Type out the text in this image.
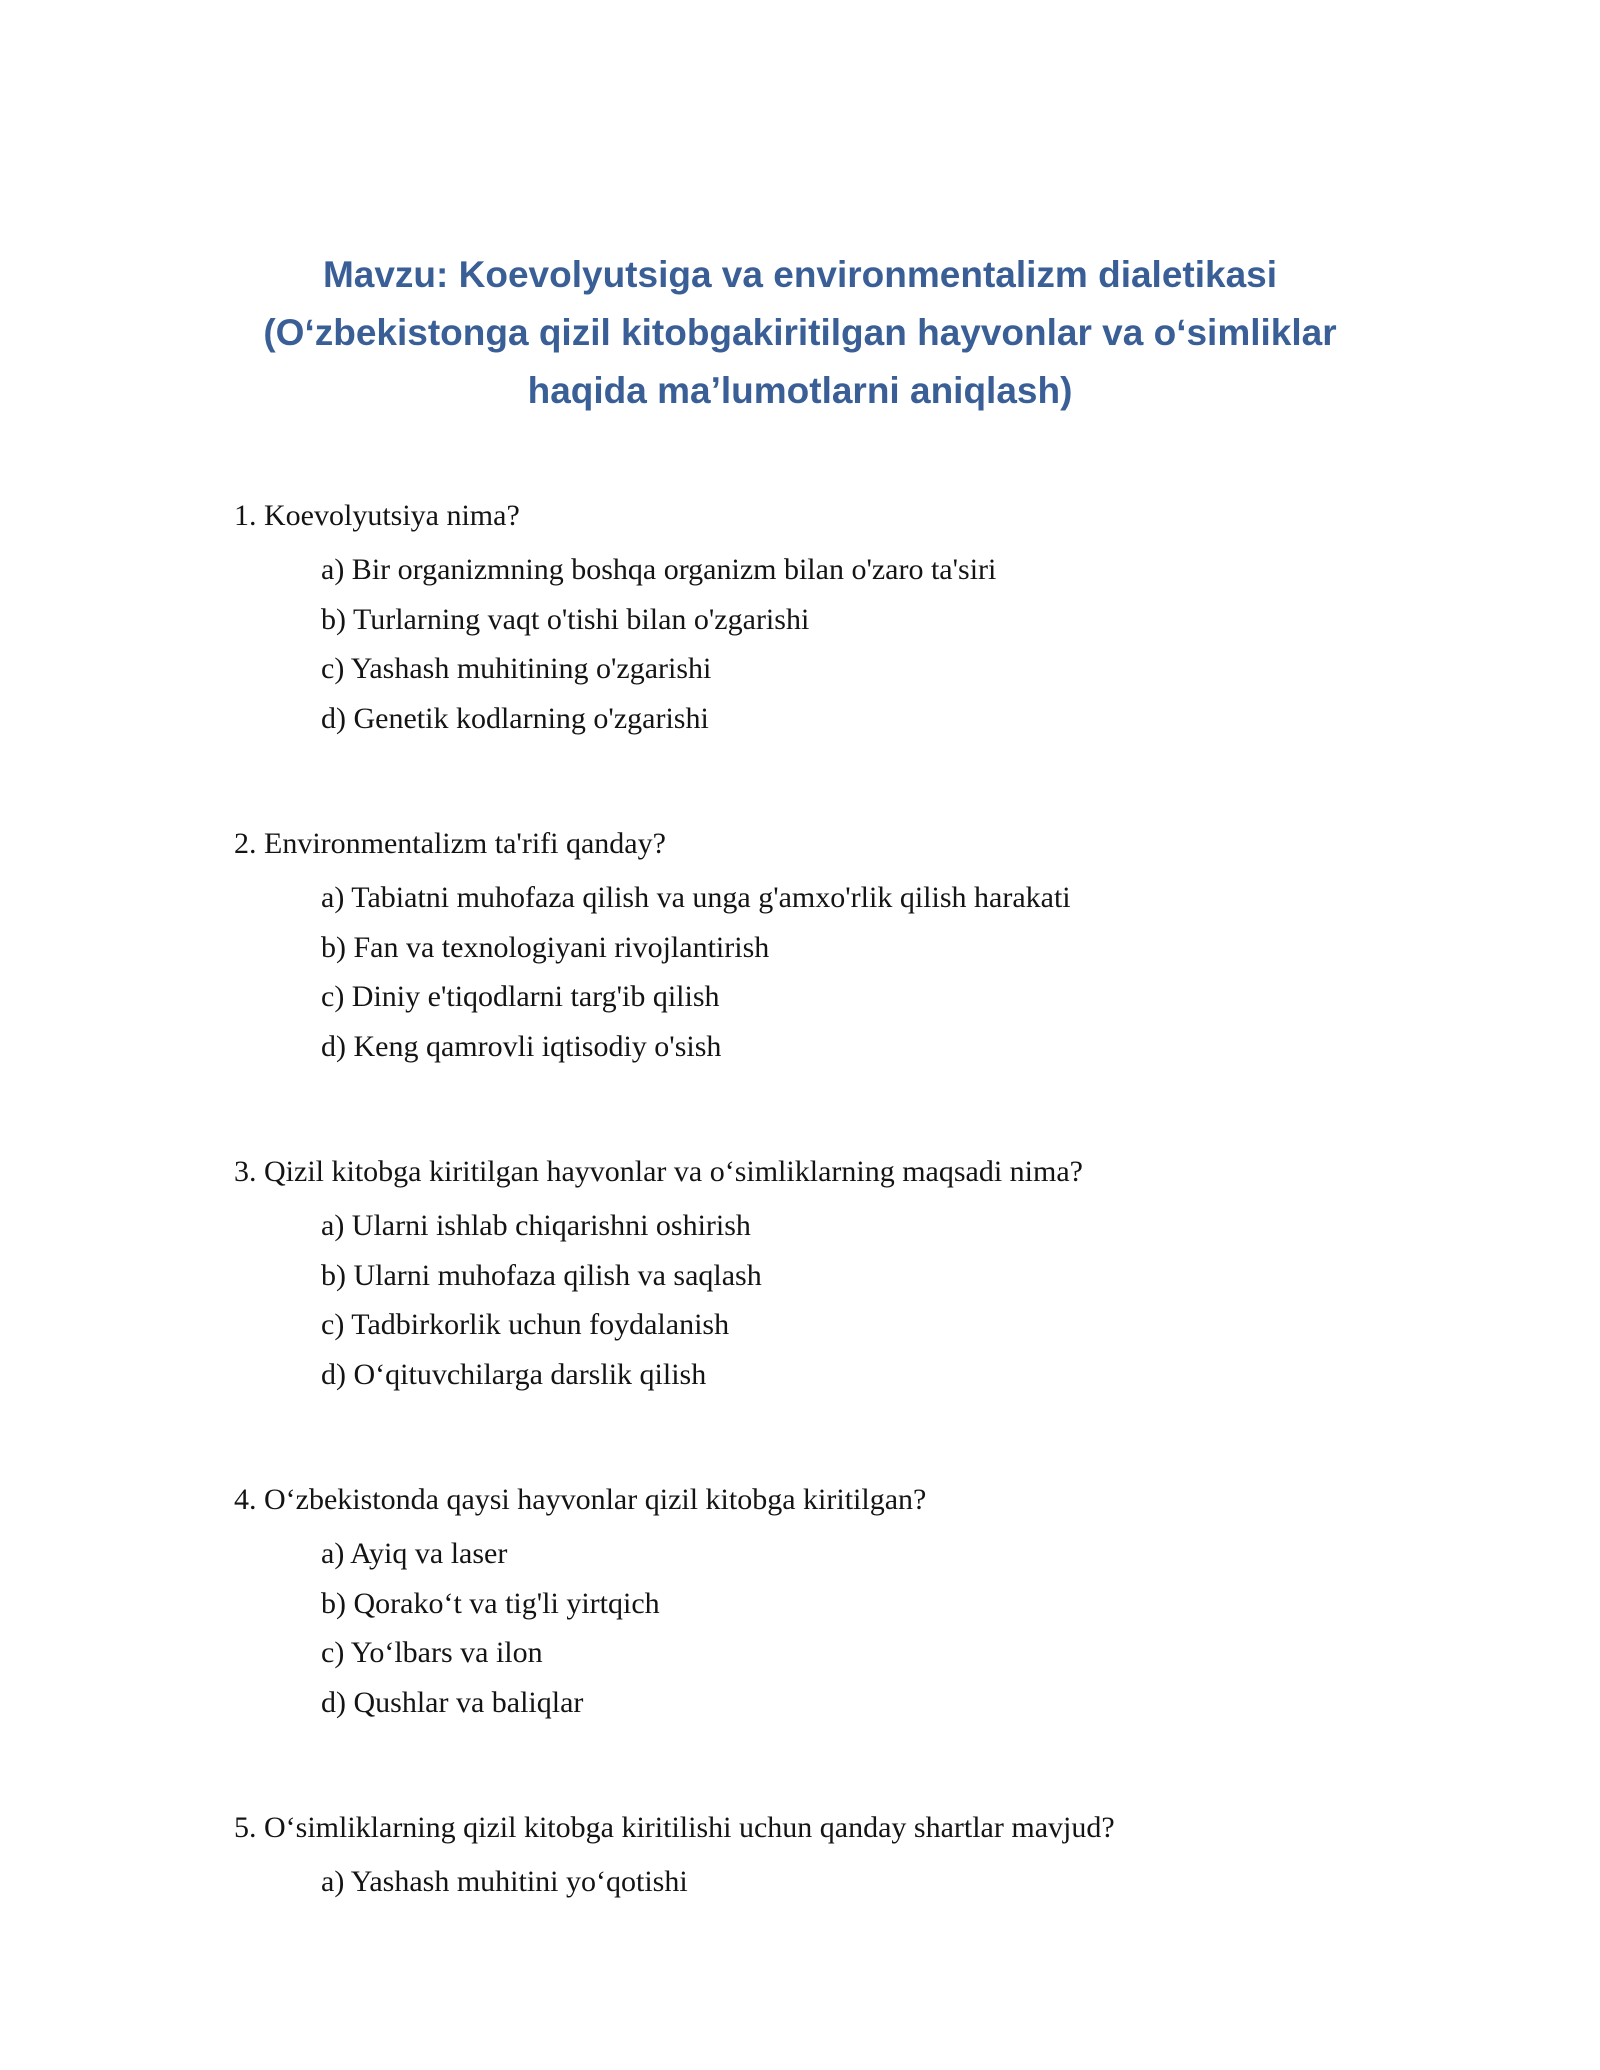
Mavzu: Koevolyutsiga va environmentalizm dialetikasi
(O‘zbekistonga qizil kitobgakiritilgan hayvonlar va o‘simliklar
haqida ma’lumotlarni aniqlash)
1. Koevolyutsiya nima?
a) Bir organizmning boshqa organizm bilan o'zaro ta'siri
b) Turlarning vaqt o'tishi bilan o'zgarishi
c) Yashash muhitining o'zgarishi
d) Genetik kodlarning o'zgarishi
2. Environmentalizm ta'rifi qanday?
a) Tabiatni muhofaza qilish va unga g'amxo'rlik qilish harakati
b) Fan va texnologiyani rivojlantirish
c) Diniy e'tiqodlarni targ'ib qilish
d) Keng qamrovli iqtisodiy o'sish
3. Qizil kitobga kiritilgan hayvonlar va o‘simliklarning maqsadi nima?
a) Ularni ishlab chiqarishni oshirish
b) Ularni muhofaza qilish va saqlash
c) Tadbirkorlik uchun foydalanish
d) O‘qituvchilarga darslik qilish
4. O‘zbekistonda qaysi hayvonlar qizil kitobga kiritilgan?
a) Ayiq va laser
b) Qorako‘t va tig'li yirtqich
c) Yo‘lbars va ilon
d) Qushlar va baliqlar
5. O‘simliklarning qizil kitobga kiritilishi uchun qanday shartlar mavjud?
a) Yashash muhitini yo‘qotishi
